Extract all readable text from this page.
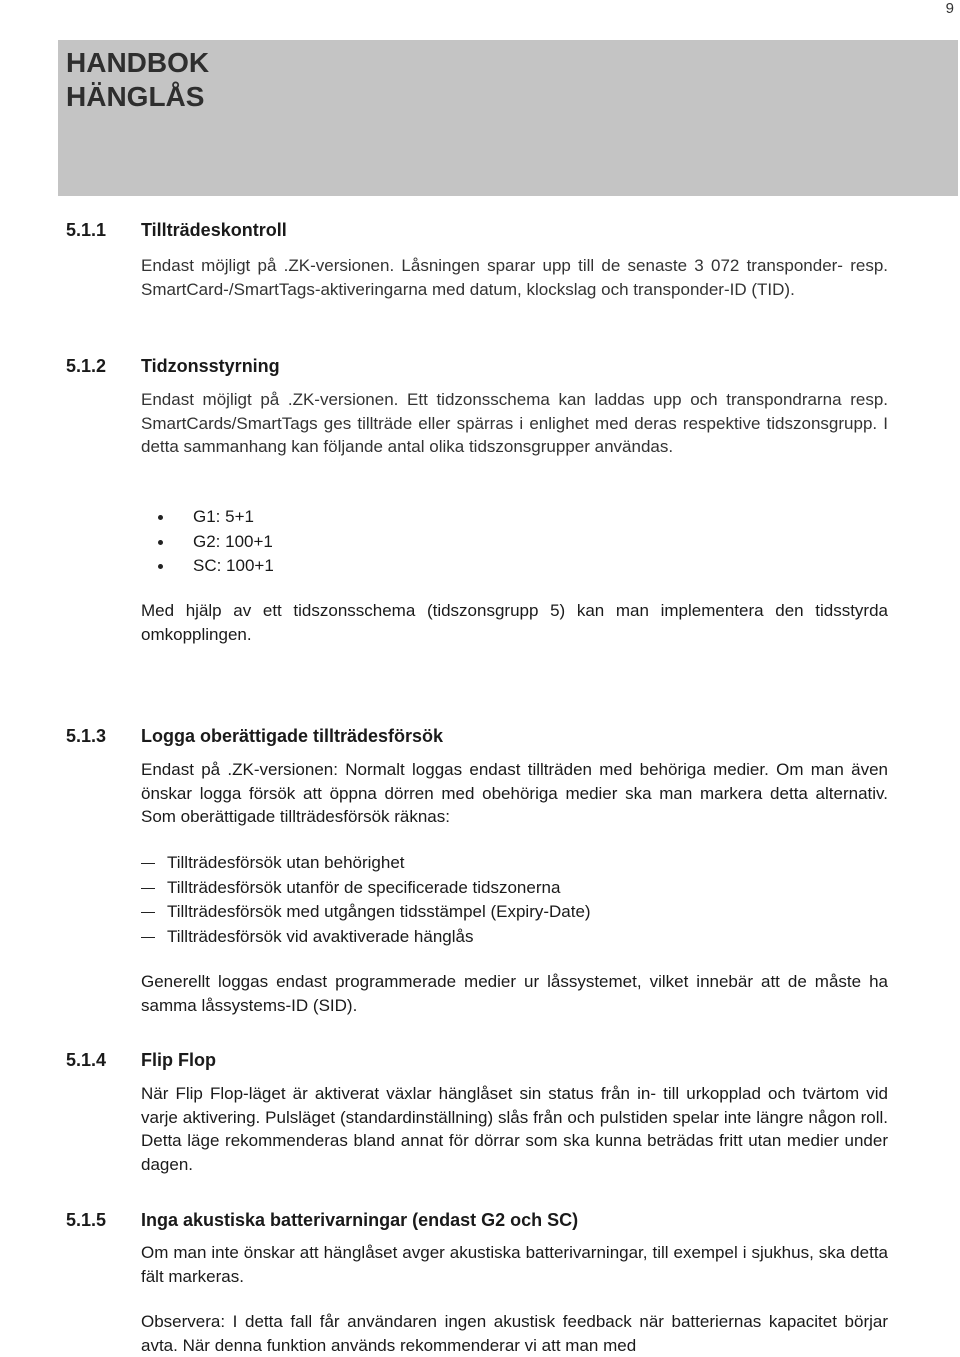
9
HANDBOK
HÄNGLÅS
5.1.1 Tillträdeskontroll
Endast möjligt på .ZK-versionen. Låsningen sparar upp till de senaste 3 072 transponder- resp. SmartCard-/SmartTags-aktiveringarna med datum, klockslag och transponder-ID (TID).
5.1.2 Tidzonsstyrning
Endast möjligt på .ZK-versionen. Ett tidzonsschema kan laddas upp och transpondrarna resp. SmartCards/SmartTags ges tillträde eller spärras i enlighet med deras respektive tidszonsgrupp. I detta sammanhang kan följande antal olika tidszonsgrupper användas.
G1: 5+1
G2: 100+1
SC: 100+1
Med hjälp av ett tidszonsschema (tidszonsgrupp 5) kan man implementera den tidsstyrda omkopplingen.
5.1.3 Logga oberättigade tillträdesförsök
Endast på .ZK-versionen: Normalt loggas endast tillträden med behöriga medier. Om man även önskar logga försök att öppna dörren med obehöriga medier ska man markera detta alternativ. Som oberättigade tillträdesförsök räknas:
Tillträdesförsök utan behörighet
Tillträdesförsök utanför de specificerade tidszonerna
Tillträdesförsök med utgången tidsstämpel (Expiry-Date)
Tillträdesförsök vid avaktiverade hänglås
Generellt loggas endast programmerade medier ur låssystemet, vilket innebär att de måste ha samma låssystems-ID (SID).
5.1.4 Flip Flop
När Flip Flop-läget är aktiverat växlar hänglåset sin status från in- till urkopplad och tvärtom vid varje aktivering. Pulsläget (standardinställning) slås från och pulstiden spelar inte längre någon roll. Detta läge rekommenderas bland annat för dörrar som ska kunna beträdas fritt utan medier under dagen.
5.1.5 Inga akustiska batterivarningar (endast G2 och SC)
Om man inte önskar att hänglåset avger akustiska batterivarningar, till exempel i sjukhus, ska detta fält markeras.
Observera: I detta fall får användaren ingen akustisk feedback när batteriernas kapacitet börjar avta. När denna funktion används rekommenderar vi att man med
